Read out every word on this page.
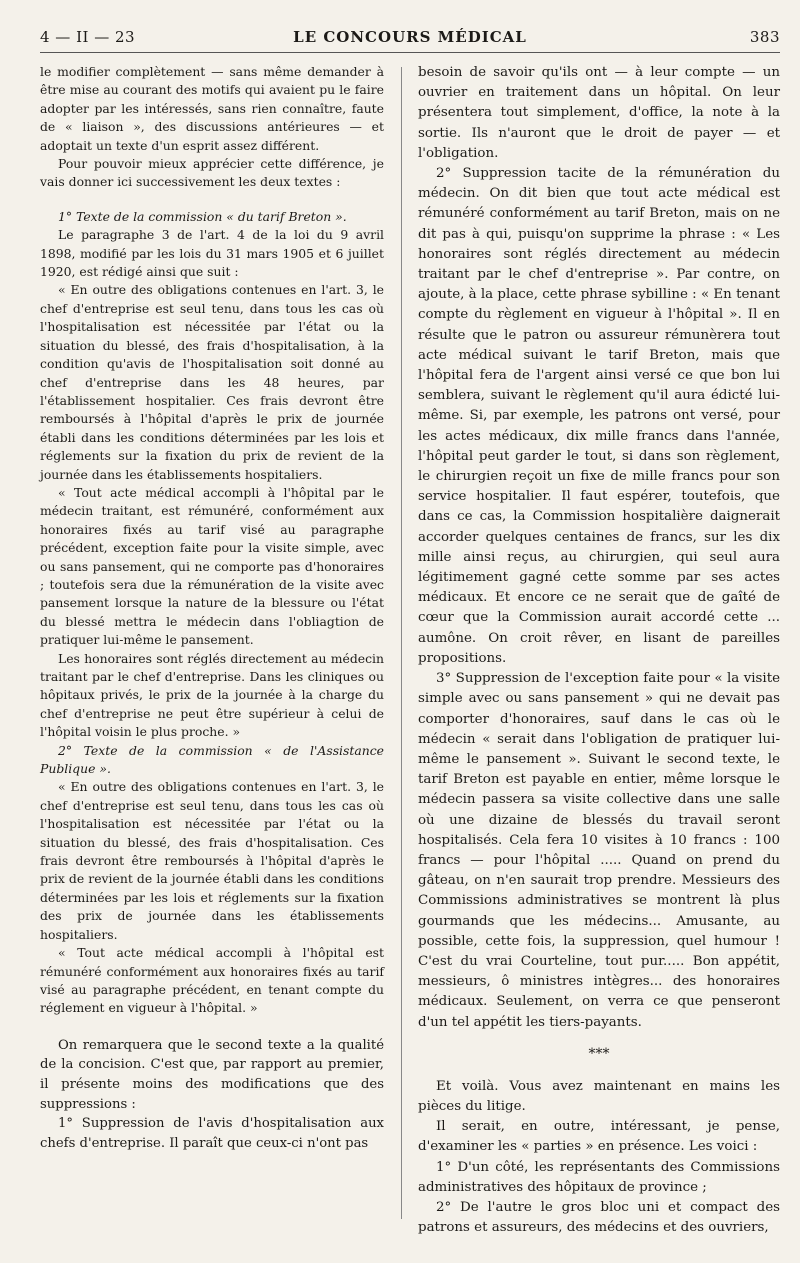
4 — II — 23	LE CONCOURS MÉDICAL	383

le modifier complètement — sans même demander à être mise au courant des motifs qui avaient pu le faire adopter par les intéressés, sans rien connaître, faute de « liaison », des discussions antérieures — et adoptait un texte d'un esprit assez différent.

Pour pouvoir mieux apprécier cette différence, je vais donner ici successivement les deux textes :

1° Texte de la commission « du tarif Breton ».

Le paragraphe 3 de l'art. 4 de la loi du 9 avril 1898, modifié par les lois du 31 mars 1905 et 6 juillet 1920, est rédigé ainsi que suit :

« En outre des obligations contenues en l'art. 3, le chef d'entreprise est seul tenu, dans tous les cas où l'hospitalisation est nécessitée par l'état ou la situation du blessé, des frais d'hospitalisation, à la condition qu'avis de l'hospitalisation soit donné au chef d'entreprise dans les 48 heures, par l'établissement hospitalier. Ces frais devront être remboursés à l'hôpital d'après le prix de journée établi dans les conditions déterminées par les lois et réglements sur la fixation du prix de revient de la journée dans les établissements hospitaliers.

« Tout acte médical accompli à l'hôpital par le médecin traitant, est rémunéré, conformément aux honoraires fixés au tarif visé au paragraphe précédent, exception faite pour la visite simple, avec ou sans pansement, qui ne comporte pas d'honoraires ; toutefois sera due la rémunération de la visite avec pansement lorsque la nature de la blessure ou l'état du blessé mettra le médecin dans l'obliagtion de pratiquer lui-même le pansement.

Les honoraires sont réglés directement au médecin traitant par le chef d'entreprise. Dans les cliniques ou hôpitaux privés, le prix de la journée à la charge du chef d'entreprise ne peut être supérieur à celui de l'hôpital voisin le plus proche. »

2° Texte de la commission « de l'Assistance Publique ».

« En outre des obligations contenues en l'art. 3, le chef d'entreprise est seul tenu, dans tous les cas où l'hospitalisation est nécessitée par l'état ou la situation du blessé, des frais d'hospitalisation. Ces frais devront être remboursés à l'hôpital d'après le prix de revient de la journée établi dans les conditions déterminées par les lois et réglements sur la fixation des prix de journée dans les établissements hospitaliers.

« Tout acte médical accompli à l'hôpital est rémunéré conformément aux honoraires fixés au tarif visé au paragraphe précédent, en tenant compte du réglement en vigueur à l'hôpital. »

On remarquera que le second texte a la qualité de la concision. C'est que, par rapport au premier, il présente moins des modifications que des suppressions :

1° Suppression de l'avis d'hospitalisation aux chefs d'entreprise. Il paraît que ceux-ci n'ont pas

besoin de savoir qu'ils ont — à leur compte — un ouvrier en traitement dans un hôpital. On leur présentera tout simplement, d'office, la note à la sortie. Ils n'auront que le droit de payer — et l'obligation.

2° Suppression tacite de la rémunération du médecin. On dit bien que tout acte médical est rémunéré conformément au tarif Breton, mais on ne dit pas à qui, puisqu'on supprime la phrase : « Les honoraires sont réglés directement au médecin traitant par le chef d'entreprise ». Par contre, on ajoute, à la place, cette phrase sybilline : « En tenant compte du règlement en vigueur à l'hôpital ». Il en résulte que le patron ou assureur rémunèrera tout acte médical suivant le tarif Breton, mais que l'hôpital fera de l'argent ainsi versé ce que bon lui semblera, suivant le règlement qu'il aura édicté lui-même. Si, par exemple, les patrons ont versé, pour les actes médicaux, dix mille francs dans l'année, l'hôpital peut garder le tout, si dans son règlement, le chirurgien reçoit un fixe de mille francs pour son service hospitalier. Il faut espérer, toutefois, que dans ce cas, la Commission hospitalière daignerait accorder quelques centaines de francs, sur les dix mille ainsi reçus, au chirurgien, qui seul aura légitimement gagné cette somme par ses actes médicaux. Et encore ce ne serait que de gaîté de cœur que la Commission aurait accordé cette ... aumône. On croit rêver, en lisant de pareilles propositions.

3° Suppression de l'exception faite pour « la visite simple avec ou sans pansement » qui ne devait pas comporter d'honoraires, sauf dans le cas où le médecin « serait dans l'obligation de pratiquer lui-même le pansement ». Suivant le second texte, le tarif Breton est payable en entier, même lorsque le médecin passera sa visite collective dans une salle où une dizaine de blessés du travail seront hospitalisés. Cela fera 10 visites à 10 francs : 100 francs — pour l'hôpital ..... Quand on prend du gâteau, on n'en saurait trop prendre. Messieurs des Commissions administratives se montrent là plus gourmands que les médecins... Amusante, au possible, cette fois, la suppression, quel humour ! C'est du vrai Courteline, tout pur..... Bon appétit, messieurs, ô ministres intègres... des honoraires médicaux. Seulement, on verra ce que penseront d'un tel appétit les tiers-payants.

***

Et voilà. Vous avez maintenant en mains les pièces du litige.

Il serait, en outre, intéressant, je pense, d'examiner les « parties » en présence. Les voici :

1° D'un côté, les représentants des Commissions administratives des hôpitaux de province ;

2° De l'autre le gros bloc uni et compact des patrons et assureurs, des médecins et des ouvriers,
